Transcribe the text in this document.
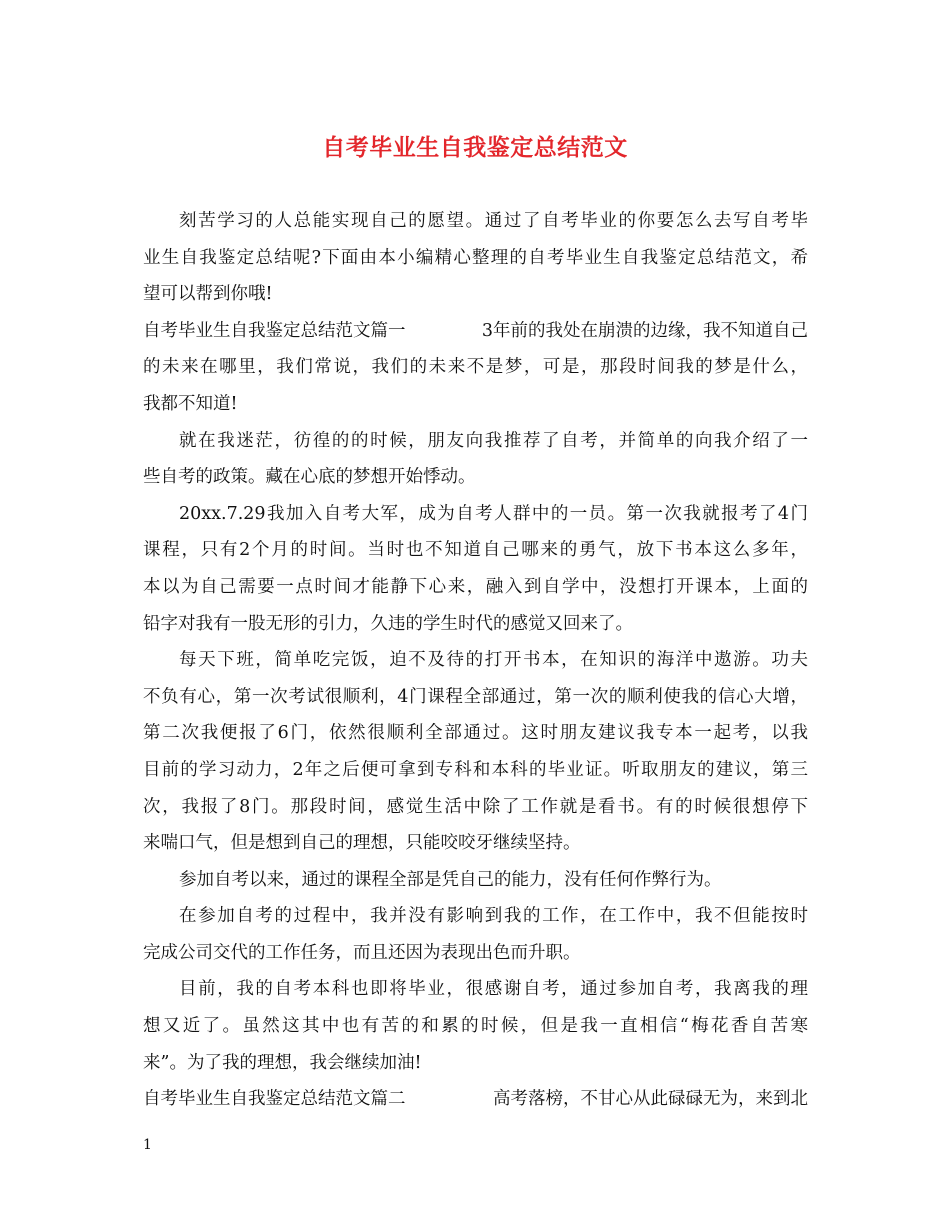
自考毕业生自我鉴定总结范文
刻苦学习的人总能实现自己的愿望。通过了自考毕业的你要怎么去写自考毕
业生自我鉴定总结呢?下面由本小编精心整理的自考毕业生自我鉴定总结范文，希
望可以帮到你哦!
自考毕业生自我鉴定总结范文篇一	3年前的我处在崩溃的边缘，我不知道自己
的未来在哪里，我们常说，我们的未来不是梦，可是，那段时间我的梦是什么，
我都不知道!
就在我迷茫，彷徨的的时候，朋友向我推荐了自考，并简单的向我介绍了一
些自考的政策。藏在心底的梦想开始悸动。
20xx.7.29我加入自考大军，成为自考人群中的一员。第一次我就报考了4门
课程，只有2个月的时间。当时也不知道自己哪来的勇气，放下书本这么多年，
本以为自己需要一点时间才能静下心来，融入到自学中，没想打开课本，上面的
铅字对我有一股无形的引力，久违的学生时代的感觉又回来了。
每天下班，简单吃完饭，迫不及待的打开书本，在知识的海洋中遨游。功夫
不负有心，第一次考试很顺利，4门课程全部通过，第一次的顺利使我的信心大增，
第二次我便报了6门，依然很顺利全部通过。这时朋友建议我专本一起考，以我
目前的学习动力，2年之后便可拿到专科和本科的毕业证。听取朋友的建议，第三
次，我报了8门。那段时间，感觉生活中除了工作就是看书。有的时候很想停下
来喘口气，但是想到自己的理想，只能咬咬牙继续坚持。
参加自考以来，通过的课程全部是凭自己的能力，没有任何作弊行为。
在参加自考的过程中，我并没有影响到我的工作，在工作中，我不但能按时
完成公司交代的工作任务，而且还因为表现出色而升职。
目前，我的自考本科也即将毕业，很感谢自考，通过参加自考，我离我的理
想又近了。虽然这其中也有苦的和累的时候，但是我一直相信“梅花香自苦寒
来”。为了我的理想，我会继续加油!
自考毕业生自我鉴定总结范文篇二	高考落榜，不甘心从此碌碌无为，来到北
1
